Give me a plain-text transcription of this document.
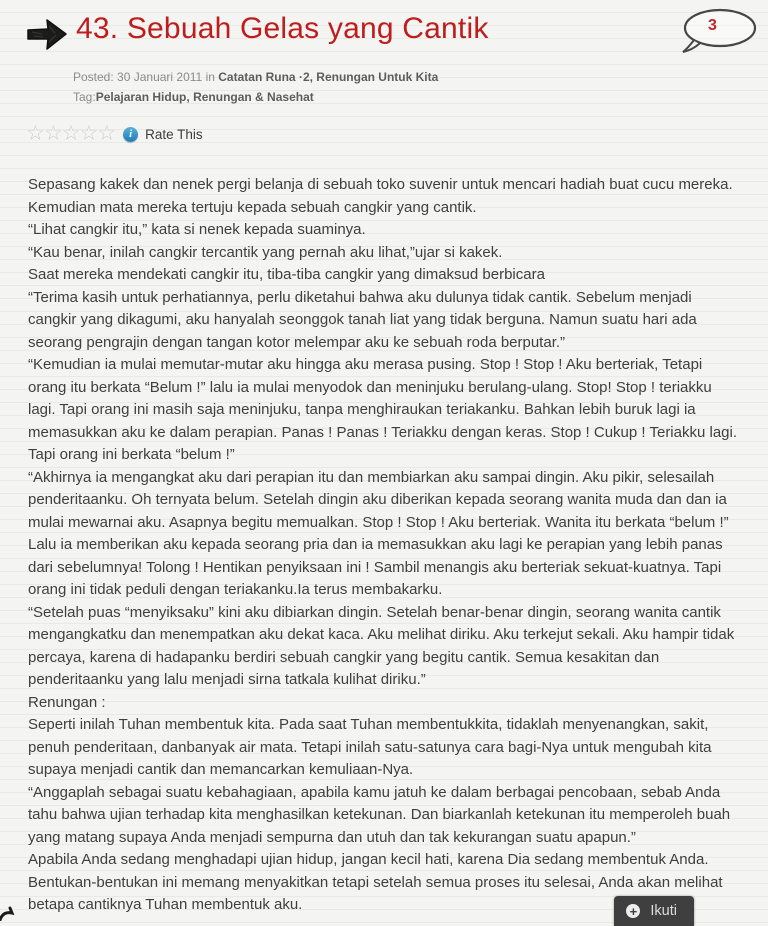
43. Sebuah Gelas yang Cantik	3
Posted: 30 Januari 2011 in Catatan Runa ·2, Renungan Untuk Kita
Tag:Pelajaran Hidup, Renungan & Nasehat
☆ ☆ ☆ ☆ ☆	i Rate This

Sepasang kakek dan nenek pergi belanja di sebuah toko suvenir untuk mencari hadiah buat cucu mereka. Kemudian mata mereka tertuju kepada sebuah cangkir yang cantik.

“Lihat cangkir itu,” kata si nenek kepada suaminya.

“Kau benar, inilah cangkir tercantik yang pernah aku lihat,”ujar si kakek.

Saat mereka mendekati cangkir itu, tiba-tiba cangkir yang dimaksud berbicara

“Terima kasih untuk perhatiannya, perlu diketahui bahwa aku dulunya tidak cantik. Sebelum menjadi cangkir yang dikagumi, aku hanyalah seonggok tanah liat yang tidak berguna. Namun suatu hari ada seorang pengrajin dengan tangan kotor melempar aku ke sebuah roda berputar.”

“Kemudian ia mulai memutar-mutar aku hingga aku merasa pusing. Stop ! Stop ! Aku berteriak, Tetapi orang itu berkata “Belum !” lalu ia mulai menyodok dan meninjuku berulang-ulang. Stop! Stop ! teriakku lagi. Tapi orang ini masih saja meninjuku, tanpa menghiraukan teriakanku. Bahkan lebih buruk lagi ia memasukkan aku ke dalam perapian. Panas ! Panas ! Teriakku dengan keras. Stop ! Cukup ! Teriakku lagi. Tapi orang ini berkata “belum !”

“Akhirnya ia mengangkat aku dari perapian itu dan membiarkan aku sampai dingin. Aku pikir, selesailah penderitaanku. Oh ternyata belum. Setelah dingin aku diberikan kepada seorang wanita muda dan dan ia mulai mewarnai aku. Asapnya begitu memualkan. Stop ! Stop ! Aku berteriak. Wanita itu berkata “belum !” Lalu ia memberikan aku kepada seorang pria dan ia memasukkan aku lagi ke perapian yang lebih panas dari sebelumnya! Tolong ! Hentikan penyiksaan ini ! Sambil menangis aku berteriak sekuat-kuatnya. Tapi orang ini tidak peduli dengan teriakanku.Ia terus membakarku.

“Setelah puas “menyiksaku” kini aku dibiarkan dingin. Setelah benar-benar dingin, seorang wanita cantik mengangkatku dan menempatkan aku dekat kaca. Aku melihat diriku. Aku terkejut sekali. Aku hampir tidak percaya, karena di hadapanku berdiri sebuah cangkir yang begitu cantik. Semua kesakitan dan penderitaanku yang lalu menjadi sirna tatkala kulihat diriku.”

Renungan :

Seperti inilah Tuhan membentuk kita. Pada saat Tuhan membentukkita, tidaklah menyenangkan, sakit, penuh penderitaan, danbanyak air mata. Tetapi inilah satu-satunya cara bagi-Nya untuk mengubah kita supaya menjadi cantik dan memancarkan kemuliaan-Nya.

“Anggaplah sebagai suatu kebahagiaan, apabila kamu jatuh ke dalam berbagai pencobaan, sebab Anda tahu bahwa ujian terhadap kita menghasilkan ketekunan. Dan biarkanlah ketekunan itu memperoleh buah yang matang supaya Anda menjadi sempurna dan utuh dan tak kekurangan suatu apapun.”

Apabila Anda sedang menghadapi ujian hidup, jangan kecil hati, karena Dia sedang membentuk Anda. Bentukan-bentukan ini memang menyakitkan tetapi setelah semua proses itu selesai, Anda akan melihat betapa cantiknya Tuhan membentuk aku.	+ Ikuti
